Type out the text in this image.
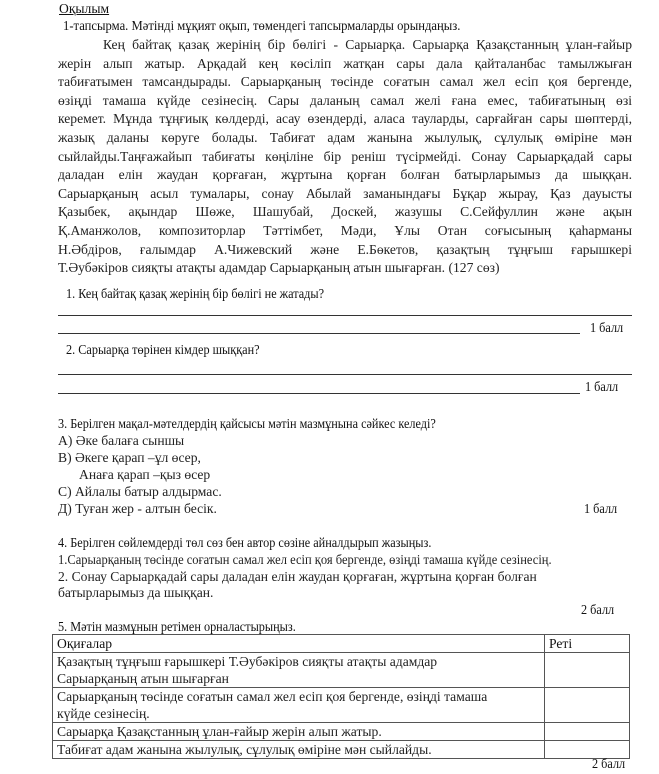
Оқылым
1-тапсырма. Мәтінді мұқият оқып, төмендегі тапсырмаларды орындаңыз.
Кең байтақ қазақ жерінің бір бөлігі - Сарыарқа. Сарыарқа Қазақстанның ұлан-ғайыр
жерін алып жатыр. Арқадай кең көсіліп жатқан сары дала қайталанбас тамылжыған
табиғатымен тамсандырады. Сарыарқаның төсінде соғатын самал жел есіп қоя бергенде,
өзіңді тамаша күйде сезінесің. Сары даланың самал желі ғана емес, табиғатының өзі
керемет. Мұнда тұңғиық көлдерді, асау өзендерді, аласа тауларды, сарғайған сары шөптерді,
жазық даланы көруге болады. Табиғат адам жанына жылулық, сұлулық өміріне мән
сыйлайды.Таңғажайып табиғаты көңіліне бір реніш түсірмейді. Сонау Сарыарқадай сары
даладан елін жаудан қорғаған, жұртына қорған болған батырларымыз да шыққан.
Сарыарқаның асыл тумалары, сонау Абылай заманындағы Бұқар жырау, Қаз дауысты
Қазыбек, ақындар Шөже, Шашубай, Доскей, жазушы С.Сейфуллин және ақын
Қ.Аманжолов, композиторлар Тәттімбет, Мәди, Ұлы Отан соғысының қаһарманы
Н.Әбдіров, ғалымдар А.Чижевский және Е.Бөкетов, қазақтың тұңғыш ғарышкері
Т.Әубәкіров сияқты атақты адамдар Сарыарқаның атын шығарған. (127 сөз)
1. Кең байтақ қазақ жерінің бір бөлігі не жатады?
1 балл
2. Сарыарқа төрінен кімдер шыққан?
1 балл
3. Берілген мақал-мәтелдердің қайсысы мәтін мазмұнына сәйкес келеді?
А) Әке балаға сыншы
В) Әкеге қарап –ұл өсер,
Анаға қарап –қыз өсер
С) Айлалы батыр алдырмас.
Д) Туған жер - алтын бесік.	1 балл
4. Берілген сөйлемдерді төл сөз бен автор сөзіне айналдырып жазыңыз.
1.Сарыарқаның төсінде соғатын самал жел есіп қоя бергенде, өзіңді тамаша күйде сезінесің.
2. Сонау Сарыарқадай сары даладан елін жаудан қорғаған, жұртына қорған болған
батырларымыз да шыққан.
2 балл
5. Мәтін мазмұнын ретімен орналастырыңыз.
Оқиғалар	Реті

Қазақтың тұңғыш ғарышкері Т.Әубәкіров сияқты атақты адамдар
Сарыарқаның атын шығарған	

Сарыарқаның төсінде соғатын самал жел есіп қоя бергенде, өзіңді тамаша
күйде сезінесің.	

Сарыарқа Қазақстанның ұлан-ғайыр жерін алып жатыр.	
Табиғат адам жанына жылулық, сұлулық өміріне мән сыйлайды.	
2 балл
